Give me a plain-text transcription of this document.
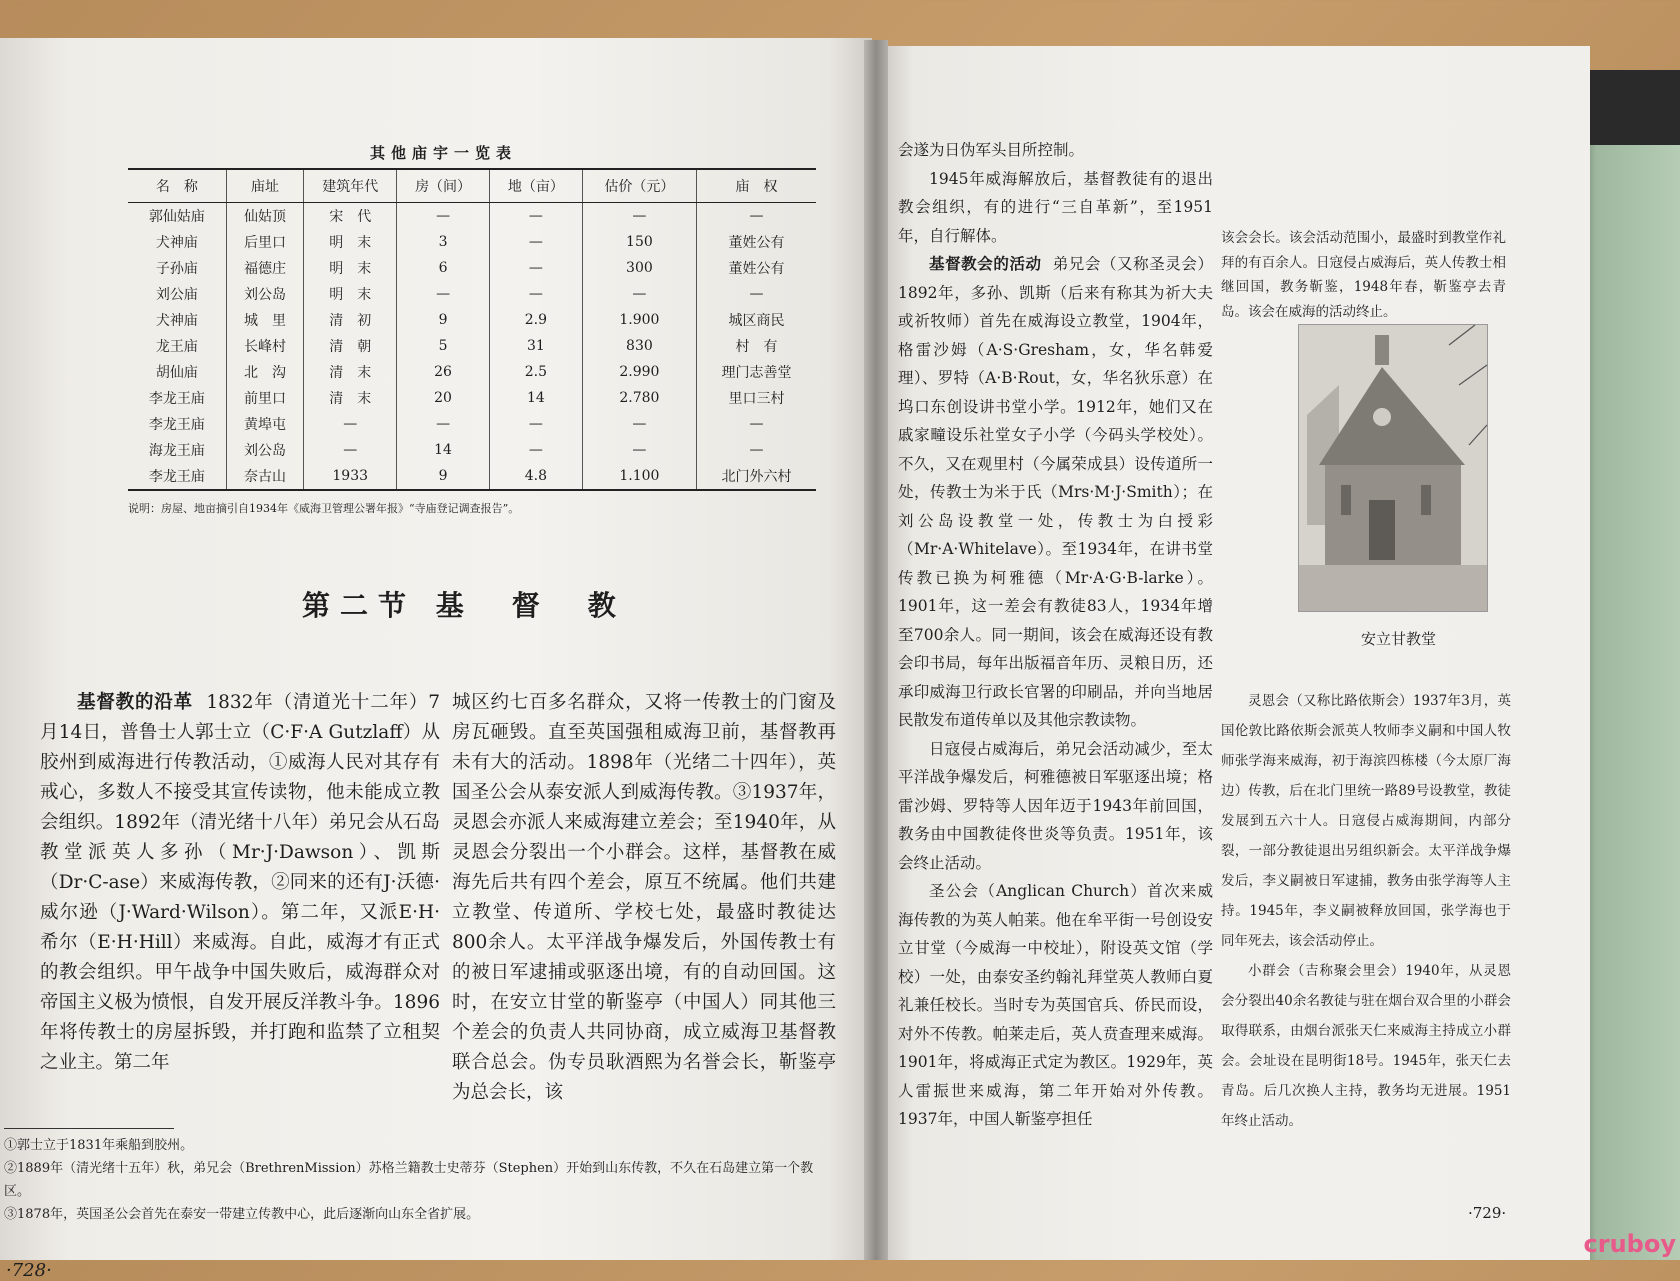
其他庙宇一览表
名　称	庙址	建筑年代	房（间）	地（亩）	估价（元）	庙　权
郭仙姑庙	仙姑顶	宋　代	—	—	—	—
犬神庙	后里口	明　末	3	—	150	董姓公有
子孙庙	福德庄	明　末	6	—	300	董姓公有
刘公庙	刘公岛	明　末	—	—	—	—
犬神庙	城　里	清　初	9	2.9	1.900	城区商民
龙王庙	长峰村	清　朝	5	31	830	村　有
胡仙庙	北　沟	清　末	26	2.5	2.990	理门志善堂
李龙王庙	前里口	清　末	20	14	2.780	里口三村
李龙王庙	黄埠屯	—	—	—	—	—
海龙王庙	刘公岛	—	14	—	—	—
李龙王庙	奈古山	1933	9	4.8	1.100	北门外六村
说明：房屋、地亩摘引自1934年《威海卫管理公署年报》“寺庙登记调查报告”。
第二节 基　督　教

基督教的沿革 1832年（清道光十二年）7月14日，普鲁士人郭士立（C·F·A Gutzlaff）从胶州到威海进行传教活动，①威海人民对其存有戒心，多数人不接受其宣传读物，他未能成立教会组织。1892年（清光绪十八年）弟兄会从石岛教堂派英人多孙（Mr·J·Dawson）、凯斯（Dr·C-ase）来威海传教，②同来的还有J·沃德·威尔逊（J·Ward·Wilson）。第二年，又派E·H·希尔（E·H·Hill）来威海。自此，威海才有正式的教会组织。甲午战争中国失败后，威海群众对帝国主义极为愤恨，自发开展反洋教斗争。1896年将传教士的房屋拆毁，并打跑和监禁了立租契之业主。第二年

城区约七百多名群众，又将一传教士的门窗及房瓦砸毁。直至英国强租威海卫前，基督教再未有大的活动。1898年（光绪二十四年），英国圣公会从泰安派人到威海传教。③1937年，灵恩会亦派人来威海建立差会；至1940年，从灵恩会分裂出一个小群会。这样，基督教在威海先后共有四个差会，原互不统属。他们共建立教堂、传道所、学校七处，最盛时教徒达800余人。太平洋战争爆发后，外国传教士有的被日军逮捕或驱逐出境，有的自动回国。这时，在安立甘堂的靳鉴亭（中国人）同其他三个差会的负责人共同协商，成立威海卫基督教联合总会。伪专员耿酒熙为名誉会长，靳鉴亭为总会长，该

①郭士立于1831年乘船到胶州。
②1889年（清光绪十五年）秋，弟兄会（BrethrenMission）苏格兰籍教士史蒂芬（Stephen）开始到山东传教，不久在石岛建立第一个教区。
③1878年，英国圣公会首先在泰安一带建立传教中心，此后逐渐向山东全省扩展。
·728·

会遂为日伪军头目所控制。

1945年威海解放后，基督教徒有的退出教会组织，有的进行“三自革新”，至1951年，自行解体。

基督教会的活动 弟兄会（又称圣灵会）1892年，多孙、凯斯（后来有称其为祈大夫或祈牧师）首先在威海设立教堂，1904年，格雷沙姆（A·S·Gresham，女，华名韩爱理）、罗特（A·B·Rout，女，华名狄乐意）在坞口东创设讲书堂小学。1912年，她们又在戚家疃设乐社堂女子小学（今码头学校处）。不久，又在观里村（今属荣成县）设传道所一处，传教士为米于氏（Mrs·M·J·Smith）；在刘公岛设教堂一处，传教士为白授彩（Mr·A·Whitelave）。至1934年，在讲书堂传教已换为柯雅德（Mr·A·G·B-larke）。1901年，这一差会有教徒83人，1934年增至700余人。同一期间，该会在威海还设有教会印书局，每年出版福音年历、灵粮日历，还承印威海卫行政长官署的印刷品，并向当地居民散发布道传单以及其他宗教读物。

日寇侵占威海后，弟兄会活动减少，至太平洋战争爆发后，柯雅德被日军驱逐出境；格雷沙姆、罗特等人因年迈于1943年前回国，教务由中国教徒佟世炎等负责。1951年，该会终止活动。

圣公会（Anglican Church）首次来威海传教的为英人帕莱。他在牟平街一号创设安立甘堂（今威海一中校址），附设英文馆（学校）一处，由泰安圣约翰礼拜堂英人教师白夏礼兼任校长。当时专为英国官兵、侨民而设，对外不传教。帕莱走后，英人贲查理来威海。1901年，将威海正式定为教区。1929年，英人雷振世来威海，第二年开始对外传教。1937年，中国人靳鉴亭担任

该会会长。该会活动范围小，最盛时到教堂作礼拜的有百余人。日寇侵占威海后，英人传教士相继回国，教务靳鉴，1948年春，靳鉴亭去青岛。该会在威海的活动终止。

安立甘教堂

灵恩会（又称比路依斯会）1937年3月，英国伦敦比路依斯会派英人牧师李义嗣和中国人牧师张学海来威海，初于海滨四栋楼（今太原厂海边）传教，后在北门里统一路89号设教堂，教徒发展到五六十人。日寇侵占威海期间，内部分裂，一部分教徒退出另组织新会。太平洋战争爆发后，李义嗣被日军逮捕，教务由张学海等人主持。1945年，李义嗣被释放回国，张学海也于同年死去，该会活动停止。

小群会（吉称聚会里会）1940年，从灵恩会分裂出40余名教徒与驻在烟台双合里的小群会取得联系，由烟台派张天仁来威海主持成立小群会。会址设在昆明街18号。1945年，张天仁去青岛。后几次换人主持，教务均无进展。1951年终止活动。

·729·
cruboy
